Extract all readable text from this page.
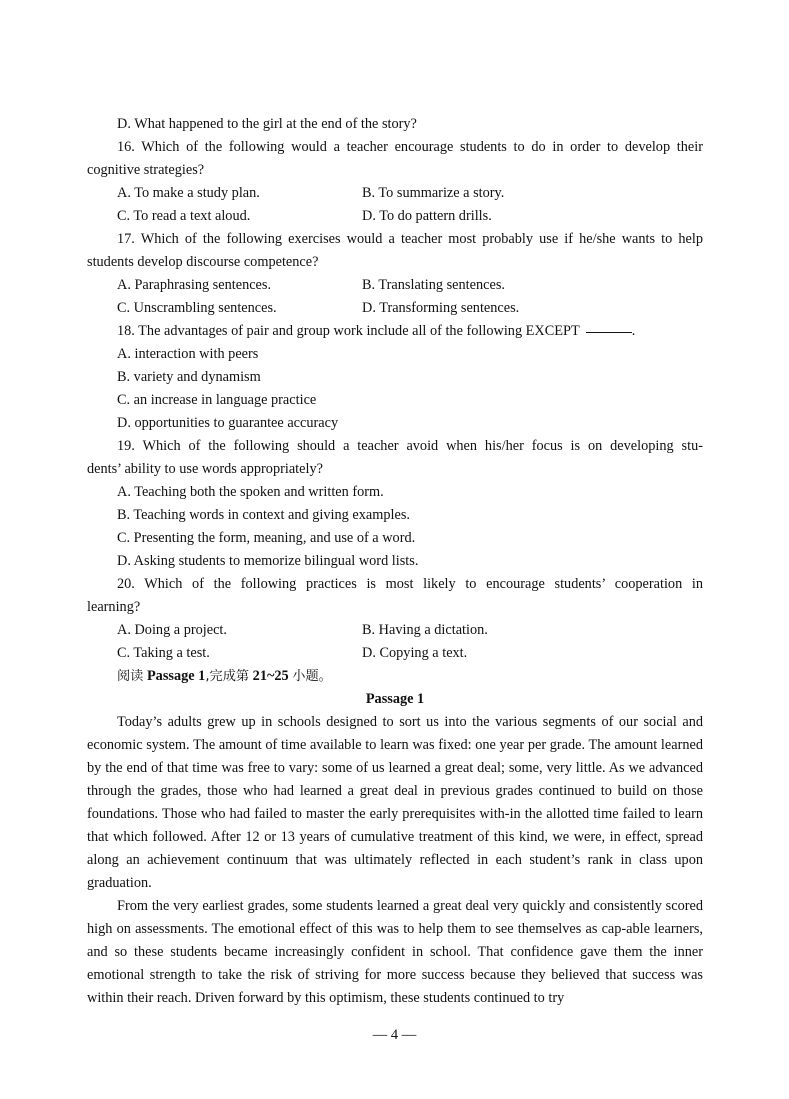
D. What happened to the girl at the end of the story?
16. Which of the following would a teacher encourage students to do in order to develop their
cognitive strategies?
A. To make a study plan.	B. To summarize a story.
C. To read a text aloud.	D. To do pattern drills.
17. Which of the following exercises would a teacher most probably use if he/she wants to help
students develop discourse competence?
A. Paraphrasing sentences.	B. Translating sentences.
C. Unscrambling sentences.	D. Transforming sentences.
18. The advantages of pair and group work include all of the following EXCEPT	.
A. interaction with peers
B. variety and dynamism
C. an increase in language practice
D. opportunities to guarantee accuracy
19. Which of the following should a teacher avoid when his/her focus is on developing stu-
dents’ ability to use words appropriately?
A. Teaching both the spoken and written form.
B. Teaching words in context and giving examples.
C. Presenting the form, meaning, and use of a word.
D. Asking students to memorize bilingual word lists.
20. Which of the following practices is most likely to encourage students’ cooperation in
learning?
A. Doing a project.	B. Having a dictation.
C. Taking a test.	D. Copying a text.
阅读 Passage 1,完成第 21~25 小题。
Passage 1
Today’s adults grew up in schools designed to sort us into the various segments of our social and economic system. The amount of time available to learn was fixed: one year per grade. The amount learned by the end of that time was free to vary: some of us learned a great deal; some, very little. As we advanced through the grades, those who had learned a great deal in previous grades continued to build on those foundations. Those who had failed to master the early prerequisites with-in the allotted time failed to learn that which followed. After 12 or 13 years of cumulative treatment of this kind, we were, in effect, spread along an achievement continuum that was ultimately reflected in each student’s rank in class upon graduation.
From the very earliest grades, some students learned a great deal very quickly and consistently scored high on assessments. The emotional effect of this was to help them to see themselves as cap-able learners, and so these students became increasingly confident in school. That confidence gave them the inner emotional strength to take the risk of striving for more success because they believed that success was within their reach. Driven forward by this optimism, these students continued to try
— 4 —
